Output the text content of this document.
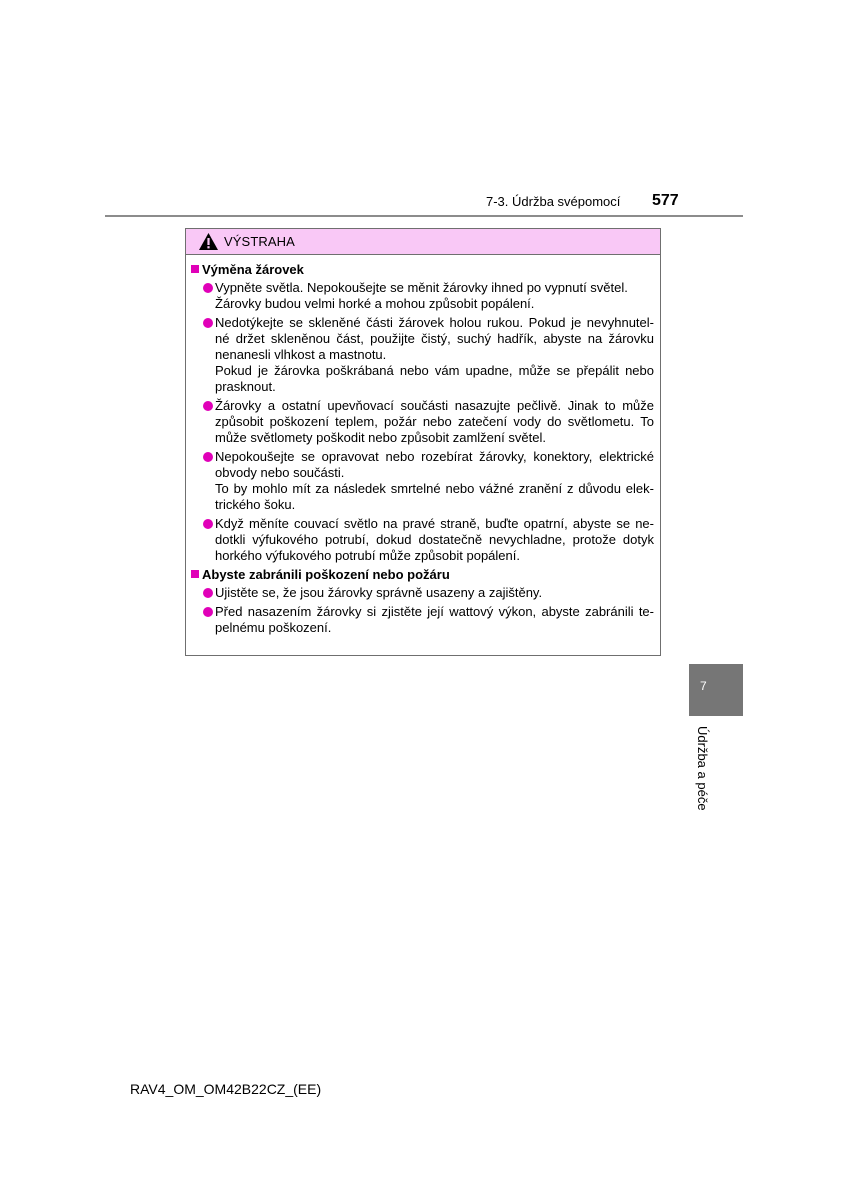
7-3. Údržba svépomocí 577
VÝSTRAHA
Výměna žárovek
Vypněte světla. Nepokoušejte se měnit žárovky ihned po vypnutí světel.
Žárovky budou velmi horké a mohou způsobit popálení.
Nedotýkejte se skleněné části žárovek holou rukou. Pokud je nevyhnutel-
né držet skleněnou část, použijte čistý, suchý hadřík, abyste na žárovku
nenanesli vlhkost a mastnotu.
Pokud je žárovka poškrábaná nebo vám upadne, může se přepálit nebo
prasknout.
Žárovky a ostatní upevňovací součásti nasazujte pečlivě. Jinak to může
způsobit poškození teplem, požár nebo zatečení vody do světlometu. To
může světlomety poškodit nebo způsobit zamlžení světel.
Nepokoušejte se opravovat nebo rozebírat žárovky, konektory, elektrické
obvody nebo součásti.
To by mohlo mít za následek smrtelné nebo vážné zranění z důvodu elek-
trického šoku.
Když měníte couvací světlo na pravé straně, buďte opatrní, abyste se ne-
dotkli výfukového potrubí, dokud dostatečně nevychladne, protože dotyk
horkého výfukového potrubí může způsobit popálení.
Abyste zabránili poškození nebo požáru
Ujistěte se, že jsou žárovky správně usazeny a zajištěny.
Před nasazením žárovky si zjistěte její wattový výkon, abyste zabránili te-
pelnému poškození.
7
Údržba a péče
RAV4_OM_OM42B22CZ_(EE)
